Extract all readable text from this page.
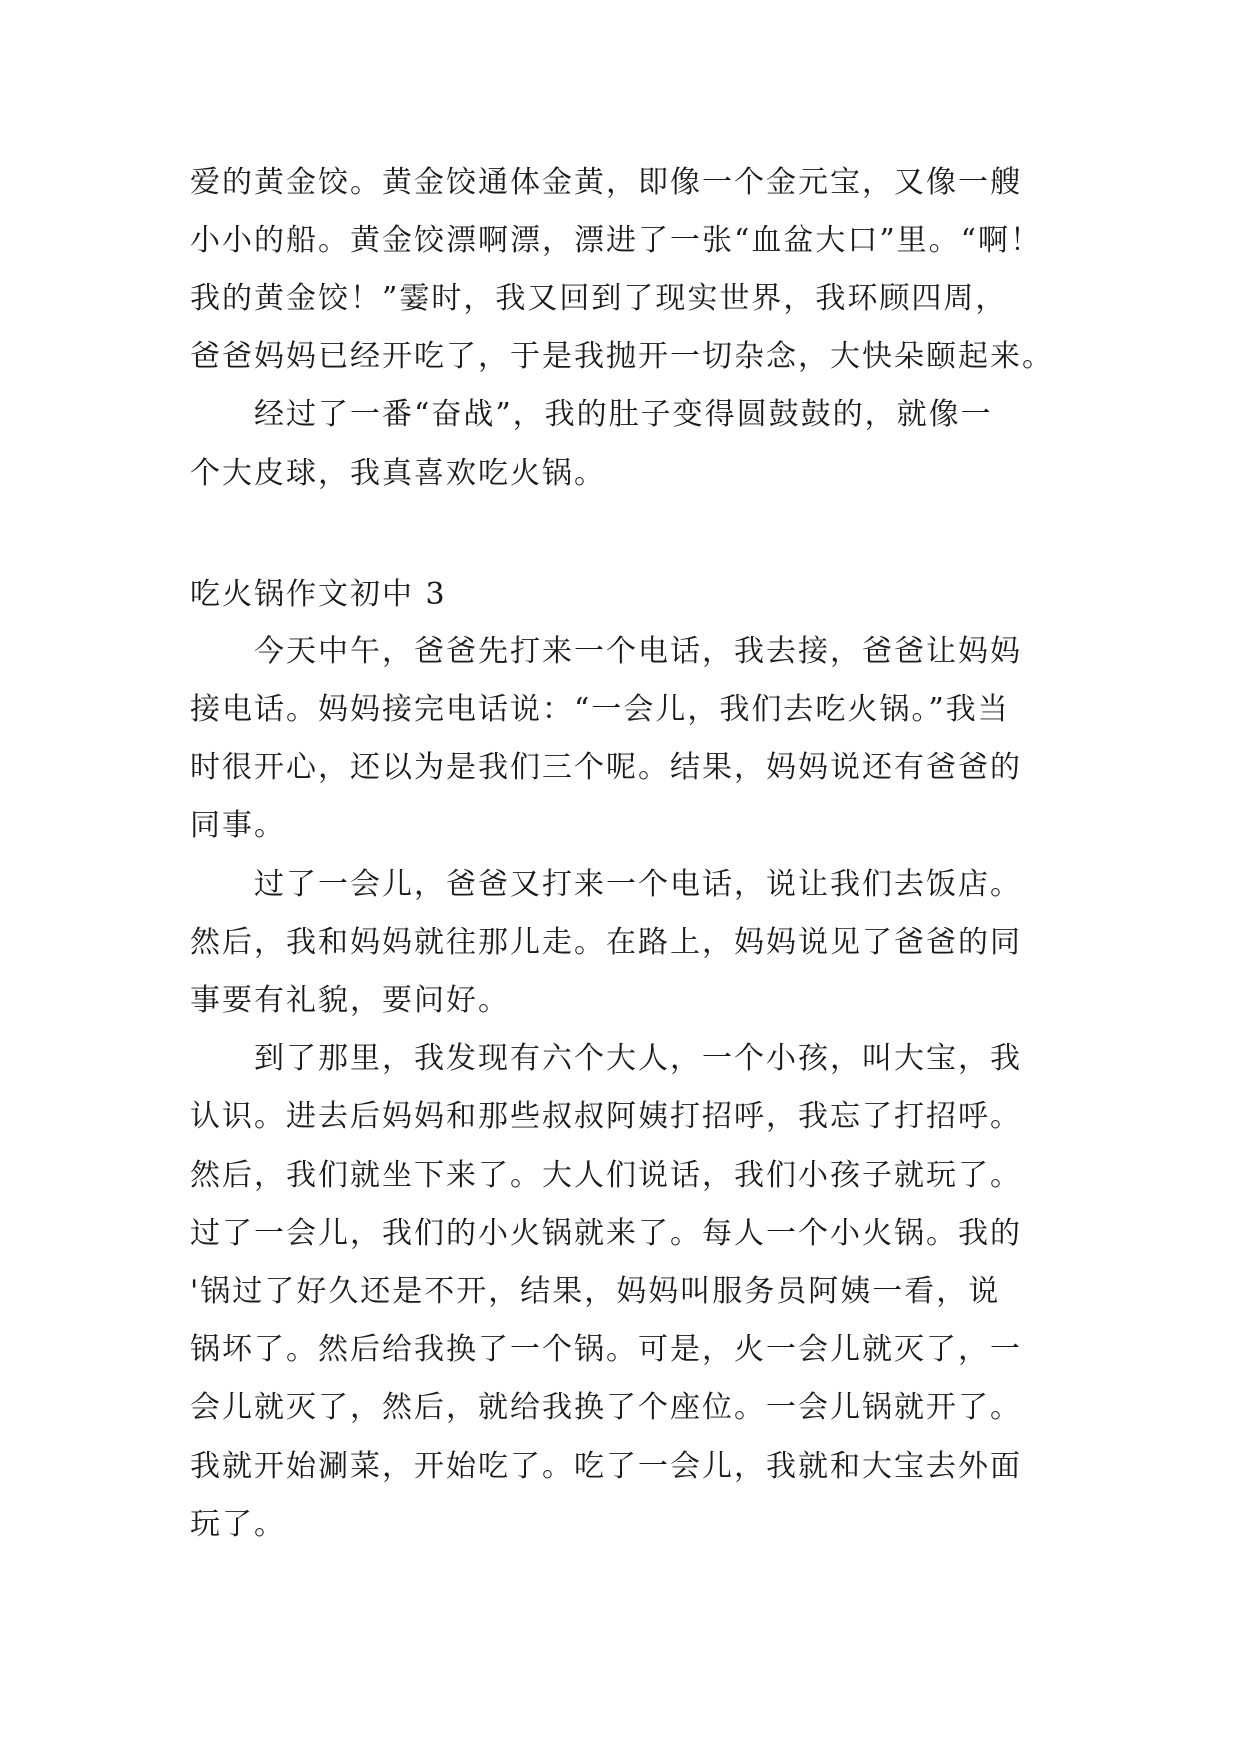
爱的黄金饺。黄金饺通体金黄，即像一个金元宝，又像一艘
小小的船。黄金饺漂啊漂，漂进了一张“血盆大口”里。“啊！
我的黄金饺！”霎时，我又回到了现实世界，我环顾四周，
爸爸妈妈已经开吃了，于是我抛开一切杂念，大快朵颐起来。
　　经过了一番“奋战”，我的肚子变得圆鼓鼓的，就像一
个大皮球，我真喜欢吃火锅。
吃火锅作文初中 3
　　今天中午，爸爸先打来一个电话，我去接，爸爸让妈妈
接电话。妈妈接完电话说：“一会儿，我们去吃火锅。”我当
时很开心，还以为是我们三个呢。结果，妈妈说还有爸爸的
同事。
　　过了一会儿，爸爸又打来一个电话，说让我们去饭店。
然后，我和妈妈就往那儿走。在路上，妈妈说见了爸爸的同
事要有礼貌，要问好。
　　到了那里，我发现有六个大人，一个小孩，叫大宝，我
认识。进去后妈妈和那些叔叔阿姨打招呼，我忘了打招呼。
然后，我们就坐下来了。大人们说话，我们小孩子就玩了。
过了一会儿，我们的小火锅就来了。每人一个小火锅。我的
'锅过了好久还是不开，结果，妈妈叫服务员阿姨一看，说
锅坏了。然后给我换了一个锅。可是，火一会儿就灭了，一
会儿就灭了，然后，就给我换了个座位。一会儿锅就开了。
我就开始涮菜，开始吃了。吃了一会儿，我就和大宝去外面
玩了。
